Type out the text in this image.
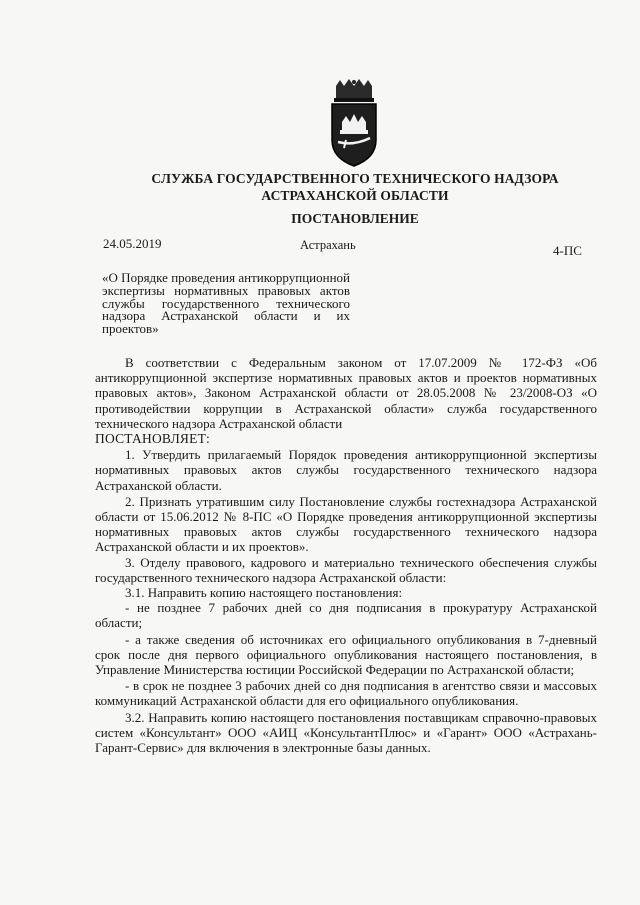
СЛУЖБА ГОСУДАРСТВЕННОГО ТЕХНИЧЕСКОГО НАДЗОРА
АСТРАХАНСКОЙ ОБЛАСТИ
ПОСТАНОВЛЕНИЕ
24.05.2019	Астрахань	4-ПС
«О Порядке проведения антикоррупционной экспертизы нормативных правовых актов службы государственного технического надзора Астраханской области и их проектов»

В соответствии с Федеральным законом от 17.07.2009 № 172-ФЗ «Об антикоррупционной экспертизе нормативных правовых актов и проектов нормативных правовых актов», Законом Астраханской области от 28.05.2008 № 23/2008-ОЗ «О противодействии коррупции в Астраханской области» служба государственного технического надзора Астраханской области

ПОСТАНОВЛЯЕТ:

1. Утвердить прилагаемый Порядок проведения антикоррупционной экспертизы нормативных правовых актов службы государственного технического надзора Астраханской области.

2. Признать утратившим силу Постановление службы гостехнадзора Астраханской области от 15.06.2012 № 8-ПС «О Порядке проведения антикоррупционной экспертизы нормативных правовых актов службы государственного технического надзора Астраханской области и их проектов».

3. Отделу правового, кадрового и материально технического обеспечения службы государственного технического надзора Астраханской области:

3.1. Направить копию настоящего постановления:

- не позднее 7 рабочих дней со дня подписания в прокуратуру Астраханской области;

- а также сведения об источниках его официального опубликования в 7-дневный срок после дня первого официального опубликования настоящего постановления, в Управление Министерства юстиции Российской Федерации по Астраханской области;

- в срок не позднее 3 рабочих дней со дня подписания в агентство связи и массовых коммуникаций Астраханской области для его официального опубликования.

3.2. Направить копию настоящего постановления поставщикам справочно-правовых систем «Консультант» ООО «АИЦ «КонсультантПлюс» и «Гарант» ООО «Астрахань-Гарант-Сервис» для включения в электронные базы данных.
